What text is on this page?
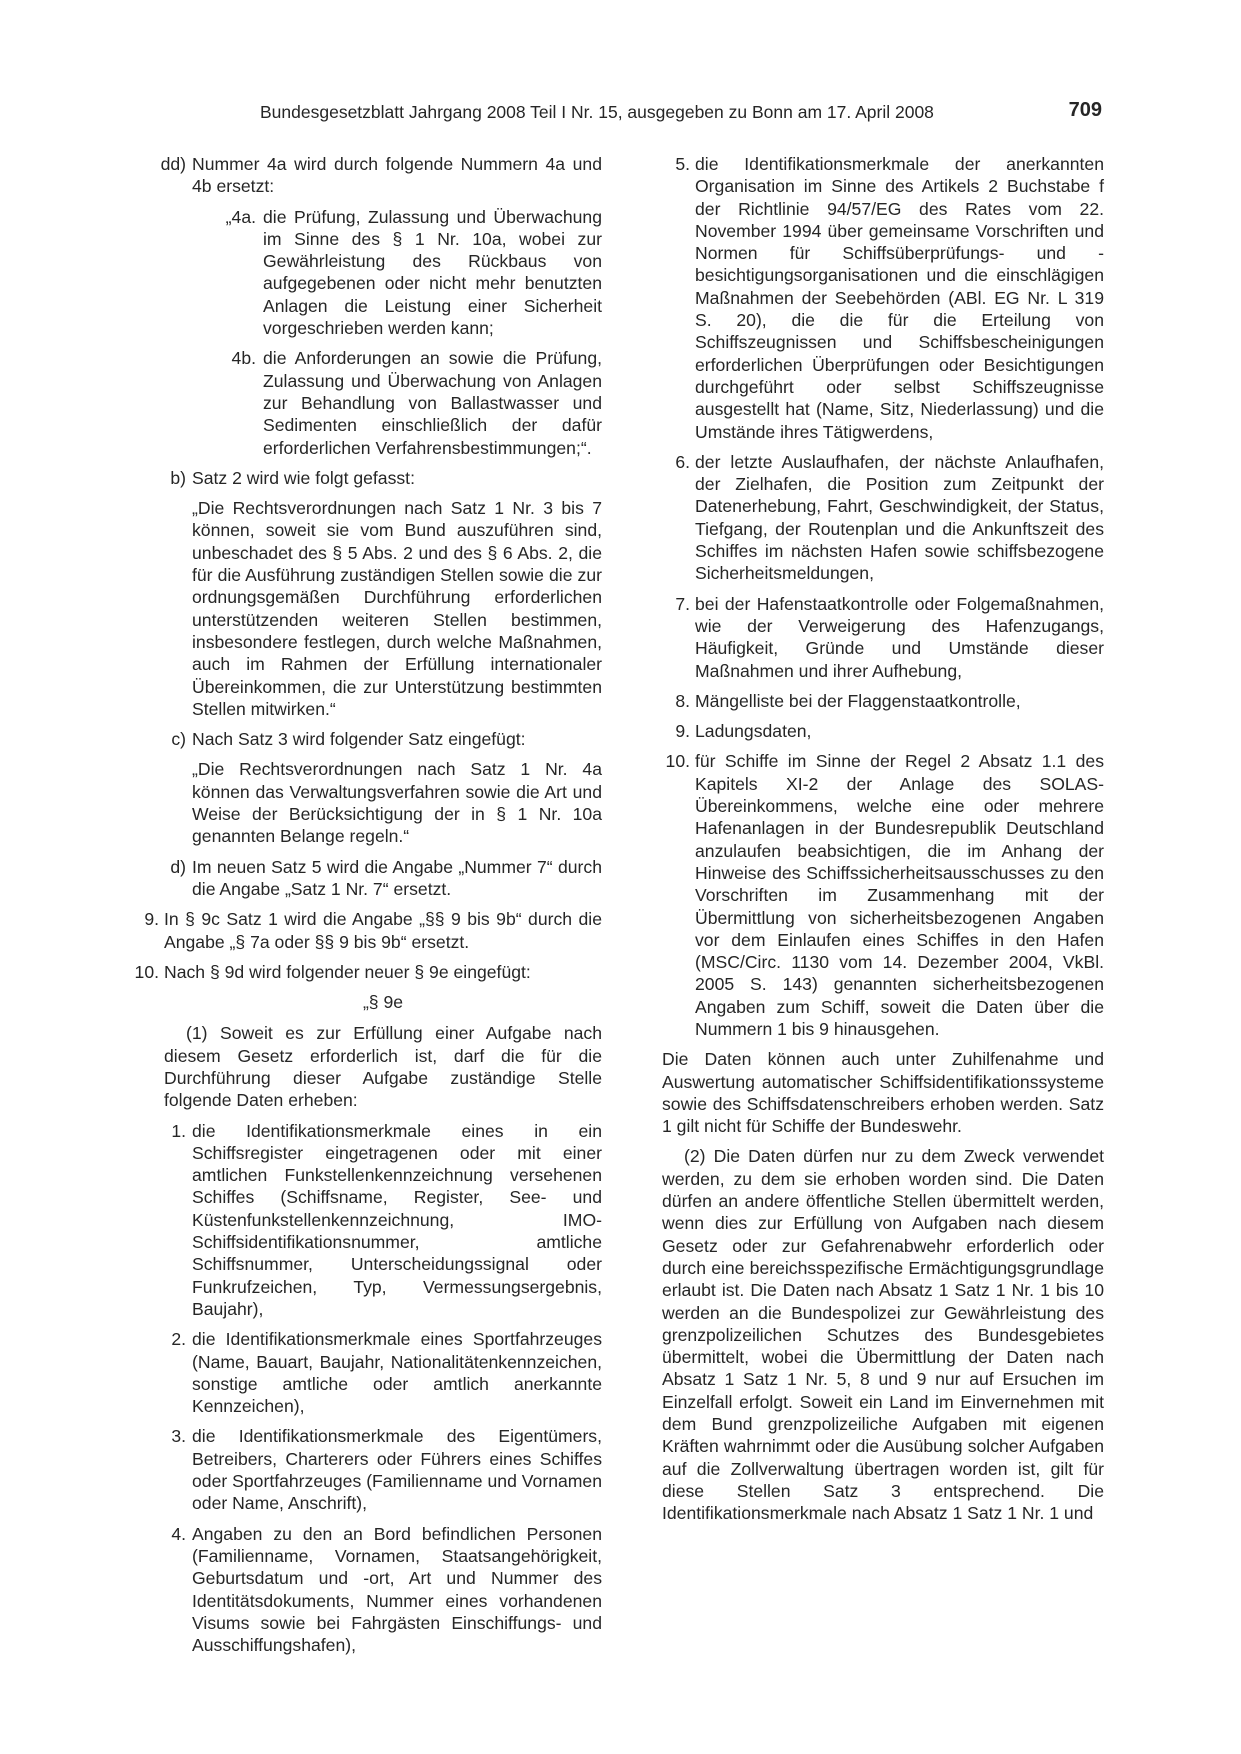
Bundesgesetzblatt Jahrgang 2008 Teil I Nr. 15, ausgegeben zu Bonn am 17. April 2008	709
dd) Nummer 4a wird durch folgende Nummern 4a und 4b ersetzt:
„4a. die Prüfung, Zulassung und Überwachung im Sinne des § 1 Nr. 10a, wobei zur Gewährleistung des Rückbaus von aufgegebenen oder nicht mehr benutzten Anlagen die Leistung einer Sicherheit vorgeschrieben werden kann;
4b. die Anforderungen an sowie die Prüfung, Zulassung und Überwachung von Anlagen zur Behandlung von Ballastwasser und Sedimenten einschließlich der dafür erforderlichen Verfahrensbestimmungen;“.
b) Satz 2 wird wie folgt gefasst:
„Die Rechtsverordnungen nach Satz 1 Nr. 3 bis 7 können, soweit sie vom Bund auszuführen sind, unbeschadet des § 5 Abs. 2 und des § 6 Abs. 2, die für die Ausführung zuständigen Stellen sowie die zur ordnungsgemäßen Durchführung erforderlichen unterstützenden weiteren Stellen bestimmen, insbesondere festlegen, durch welche Maßnahmen, auch im Rahmen der Erfüllung internationaler Übereinkommen, die zur Unterstützung bestimmten Stellen mitwirken.“
c) Nach Satz 3 wird folgender Satz eingefügt:
„Die Rechtsverordnungen nach Satz 1 Nr. 4a können das Verwaltungsverfahren sowie die Art und Weise der Berücksichtigung der in § 1 Nr. 10a genannten Belange regeln.“
d) Im neuen Satz 5 wird die Angabe „Nummer 7“ durch die Angabe „Satz 1 Nr. 7“ ersetzt.
9. In § 9c Satz 1 wird die Angabe „§§ 9 bis 9b“ durch die Angabe „§ 7a oder §§ 9 bis 9b“ ersetzt.
10. Nach § 9d wird folgender neuer § 9e eingefügt:
„§ 9e
(1) Soweit es zur Erfüllung einer Aufgabe nach diesem Gesetz erforderlich ist, darf die für die Durchführung dieser Aufgabe zuständige Stelle folgende Daten erheben:
1. die Identifikationsmerkmale eines in ein Schiffsregister eingetragenen oder mit einer amtlichen Funkstellenkennzeichnung versehenen Schiffes (Schiffsname, Register, See- und Küstenfunkstellenkennzeichnung, IMO-Schiffsidentifikationsnummer, amtliche Schiffsnummer, Unterscheidungssignal oder Funkrufzeichen, Typ, Vermessungsergebnis, Baujahr),
2. die Identifikationsmerkmale eines Sportfahrzeuges (Name, Bauart, Baujahr, Nationalitätenkennzeichen, sonstige amtliche oder amtlich anerkannte Kennzeichen),
3. die Identifikationsmerkmale des Eigentümers, Betreibers, Charterers oder Führers eines Schiffes oder Sportfahrzeuges (Familienname und Vornamen oder Name, Anschrift),
4. Angaben zu den an Bord befindlichen Personen (Familienname, Vornamen, Staatsangehörigkeit, Geburtsdatum und -ort, Art und Nummer des Identitätsdokuments, Nummer eines vorhandenen Visums sowie bei Fahrgästen Einschiffungs- und Ausschiffungshafen),
5. die Identifikationsmerkmale der anerkannten Organisation im Sinne des Artikels 2 Buchstabe f der Richtlinie 94/57/EG des Rates vom 22. November 1994 über gemeinsame Vorschriften und Normen für Schiffsüberprüfungs- und -besichtigungsorganisationen und die einschlägigen Maßnahmen der Seebehörden (ABl. EG Nr. L 319 S. 20), die die für die Erteilung von Schiffszeugnissen und Schiffsbescheinigungen erforderlichen Überprüfungen oder Besichtigungen durchgeführt oder selbst Schiffszeugnisse ausgestellt hat (Name, Sitz, Niederlassung) und die Umstände ihres Tätigwerdens,
6. der letzte Auslaufhafen, der nächste Anlaufhafen, der Zielhafen, die Position zum Zeitpunkt der Datenerhebung, Fahrt, Geschwindigkeit, der Status, Tiefgang, der Routenplan und die Ankunftszeit des Schiffes im nächsten Hafen sowie schiffsbezogene Sicherheitsmeldungen,
7. bei der Hafenstaatkontrolle oder Folgemaßnahmen, wie der Verweigerung des Hafenzugangs, Häufigkeit, Gründe und Umstände dieser Maßnahmen und ihrer Aufhebung,
8. Mängelliste bei der Flaggenstaatkontrolle,
9. Ladungsdaten,
10. für Schiffe im Sinne der Regel 2 Absatz 1.1 des Kapitels XI-2 der Anlage des SOLAS-Übereinkommens, welche eine oder mehrere Hafenanlagen in der Bundesrepublik Deutschland anzulaufen beabsichtigen, die im Anhang der Hinweise des Schiffssicherheitsausschusses zu den Vorschriften im Zusammenhang mit der Übermittlung von sicherheitsbezogenen Angaben vor dem Einlaufen eines Schiffes in den Hafen (MSC/Circ. 1130 vom 14. Dezember 2004, VkBl. 2005 S. 143) genannten sicherheitsbezogenen Angaben zum Schiff, soweit die Daten über die Nummern 1 bis 9 hinausgehen.
Die Daten können auch unter Zuhilfenahme und Auswertung automatischer Schiffsidentifikationssysteme sowie des Schiffsdatenschreibers erhoben werden. Satz 1 gilt nicht für Schiffe der Bundeswehr.
(2) Die Daten dürfen nur zu dem Zweck verwendet werden, zu dem sie erhoben worden sind. Die Daten dürfen an andere öffentliche Stellen übermittelt werden, wenn dies zur Erfüllung von Aufgaben nach diesem Gesetz oder zur Gefahrenabwehr erforderlich oder durch eine bereichsspezifische Ermächtigungsgrundlage erlaubt ist. Die Daten nach Absatz 1 Satz 1 Nr. 1 bis 10 werden an die Bundespolizei zur Gewährleistung des grenzpolizeilichen Schutzes des Bundesgebietes übermittelt, wobei die Übermittlung der Daten nach Absatz 1 Satz 1 Nr. 5, 8 und 9 nur auf Ersuchen im Einzelfall erfolgt. Soweit ein Land im Einvernehmen mit dem Bund grenzpolizeiliche Aufgaben mit eigenen Kräften wahrnimmt oder die Ausübung solcher Aufgaben auf die Zollverwaltung übertragen worden ist, gilt für diese Stellen Satz 3 entsprechend. Die Identifikationsmerkmale nach Absatz 1 Satz 1 Nr. 1 und
